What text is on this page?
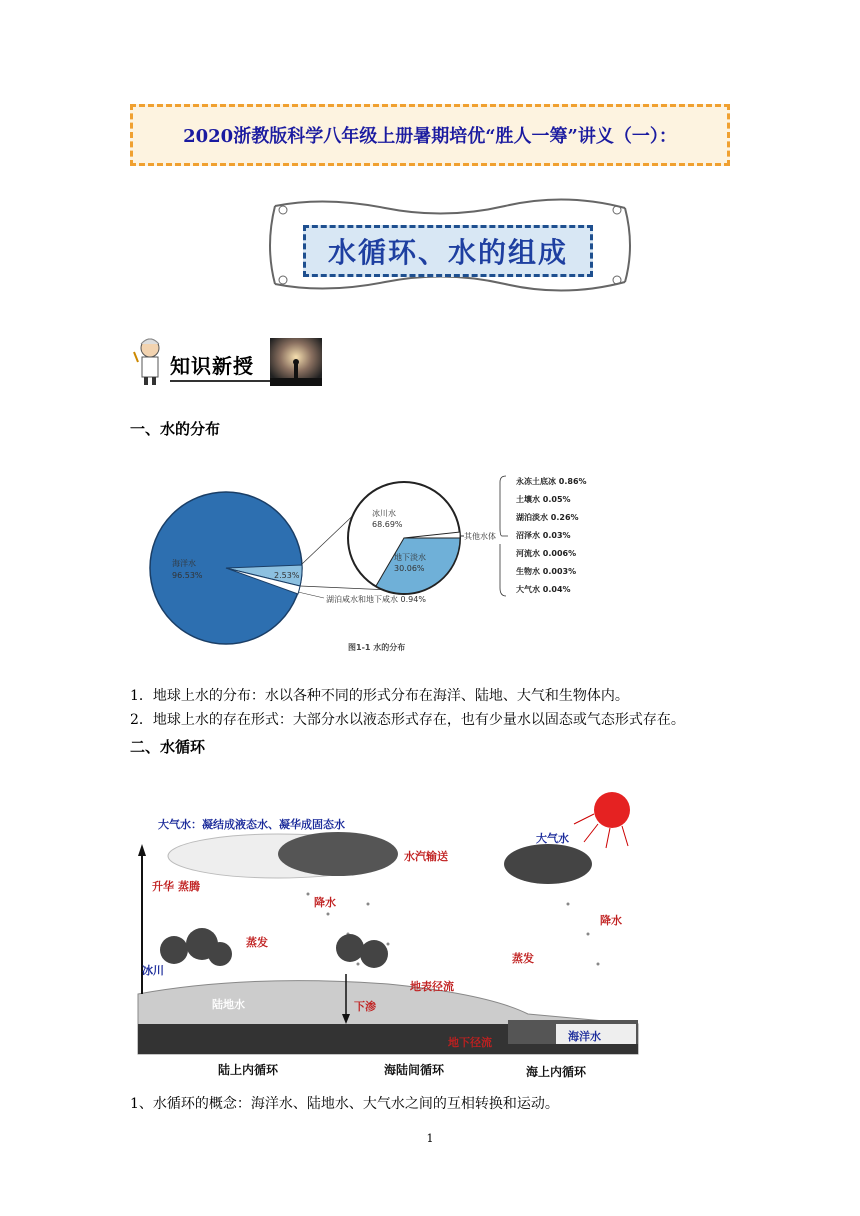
2020浙教版科学八年级上册暑期培优“胜人一筹”讲义（一）：
水循环、水的组成
知识新授
一、水的分布
海洋水
96.53%	2.53%
湖泊咸水和地下咸水 0.94%
冰川水
68.69%
地下淡水
30.06%
其他水体
永冻土底冰 0.86%
土壤水 0.05%
湖泊淡水 0.26%
沼泽水 0.03%
河流水 0.006%
生物水 0.003%
大气水 0.04%
图1-1 水的分布
1．地球上水的分布：水以各种不同的形式分布在海洋、陆地、大气和生物体内。
2．地球上水的存在形式：大部分水以液态形式存在，也有少量水以固态或气态形式存在。
二、水循环
大气水：凝结成液态水、凝华成固态水
大气水
水汽输送
升华 蒸腾
降水
蒸发
冰川
陆地水	下渗
地表径流
地下径流
降水
蒸发
海洋水
陆上内循环	海陆间循环	海上内循环
1、水循环的概念：海洋水、陆地水、大气水之间的互相转换和运动。
1
